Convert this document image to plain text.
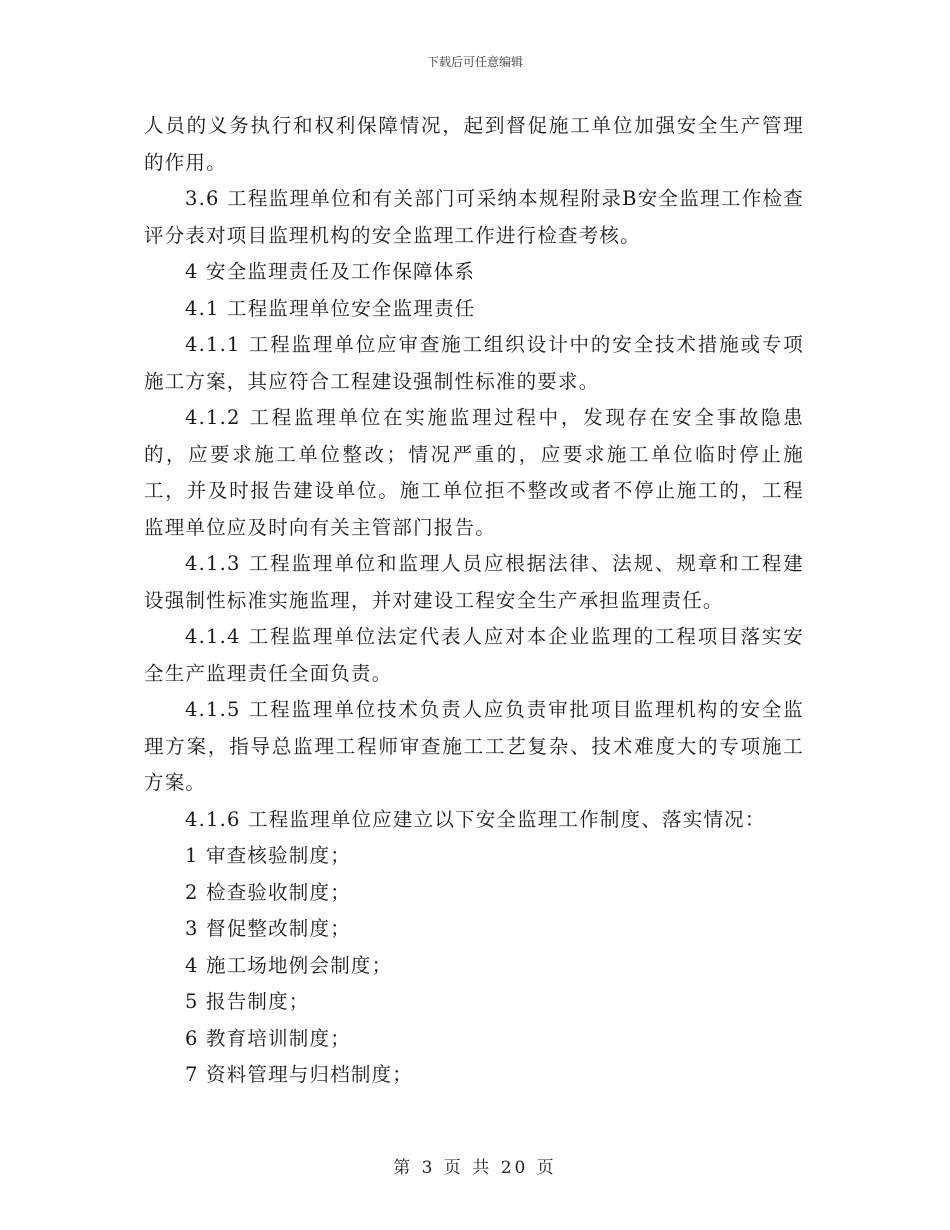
下载后可任意编辑

人员的义务执行和权利保障情况，起到督促施工单位加强安全生产管理的作用。

3.6 工程监理单位和有关部门可采纳本规程附录B安全监理工作检查评分表对项目监理机构的安全监理工作进行检查考核。

4 安全监理责任及工作保障体系

4.1 工程监理单位安全监理责任

4.1.1 工程监理单位应审查施工组织设计中的安全技术措施或专项施工方案，其应符合工程建设强制性标准的要求。

4.1.2 工程监理单位在实施监理过程中，发现存在安全事故隐患的，应要求施工单位整改；情况严重的，应要求施工单位临时停止施工，并及时报告建设单位。施工单位拒不整改或者不停止施工的，工程监理单位应及时向有关主管部门报告。

4.1.3 工程监理单位和监理人员应根据法律、法规、规章和工程建设强制性标准实施监理，并对建设工程安全生产承担监理责任。

4.1.4 工程监理单位法定代表人应对本企业监理的工程项目落实安全生产监理责任全面负责。

4.1.5 工程监理单位技术负责人应负责审批项目监理机构的安全监理方案，指导总监理工程师审查施工工艺复杂、技术难度大的专项施工方案。

4.1.6 工程监理单位应建立以下安全监理工作制度、落实情况：

1 审查核验制度；

2 检查验收制度；

3 督促整改制度；

4 施工场地例会制度；

5 报告制度；

6 教育培训制度；

7 资料管理与归档制度；

第 3 页 共 20 页
